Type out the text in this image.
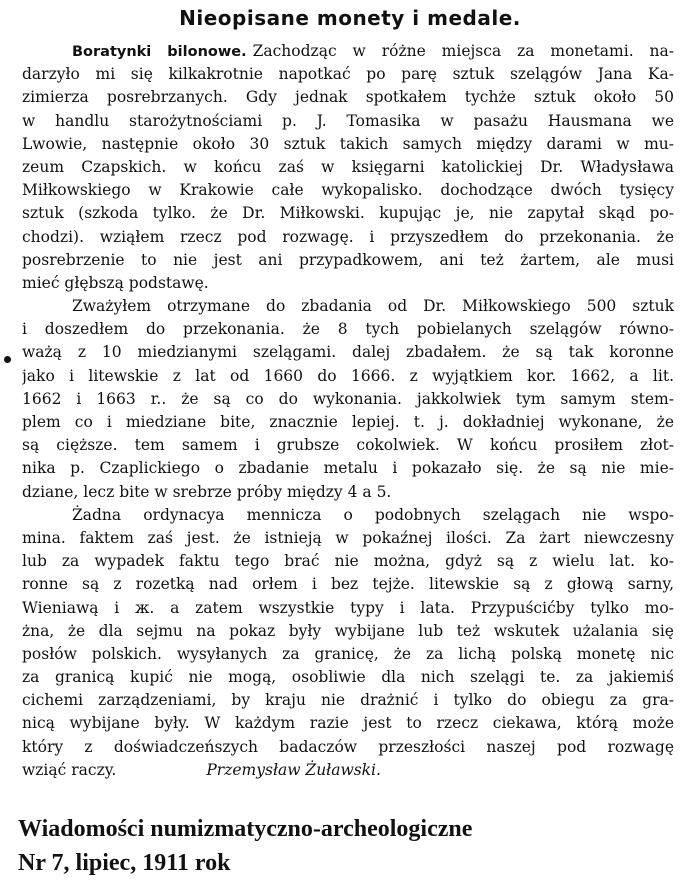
Nieopisane monety i medale.
Boratynki bilonowe. Zachodząc w różne miejsca za monetami. na-
darzyło mi się kilkakrotnie napotkać po parę sztuk szelągów Jana Ka-
zimierza posrebrzanych. Gdy jednak spotkałem tychże sztuk około 50
w handlu starożytnościami p. J. Tomasika w pasażu Hausmana we
Lwowie, następnie około 30 sztuk takich samych między darami w mu-
zeum Czapskich. w końcu zaś w księgarni katolickiej Dr. Władysława
Miłkowskiego w Krakowie całe wykopalisko. dochodzące dwóch tysięcy
sztuk (szkoda tylko. że Dr. Miłkowski. kupując je, nie zapytał skąd po-
chodzi). wziąłem rzecz pod rozwagę. i przyszedłem do przekonania. że
posrebrzenie to nie jest ani przypadkowem, ani też żartem, ale musi
mieć głębszą podstawę.
Zważyłem otrzymane do zbadania od Dr. Miłkowskiego 500 sztuk
i doszedłem do przekonania. że 8 tych pobielanych szelągów równo-
ważą z 10 miedzianymi szelągami. dalej zbadałem. że są tak koronne
jako i litewskie z lat od 1660 do 1666. z wyjątkiem kor. 1662, a lit.
1662 i 1663 r.. że są co do wykonania. jakkolwiek tym samym stem-
plem co i miedziane bite, znacznie lepiej. t. j. dokładniej wykonane, że
są cięższe. tem samem i grubsze cokolwiek. W końcu prosiłem złot-
nika p. Czaplickiego o zbadanie metalu i pokazało się. że są nie mie-
dziane, lecz bite w srebrze próby między 4 a 5.
Żadna ordynacya mennicza o podobnych szelągach nie wspo-
mina. faktem zaś jest. że istnieją w pokaźnej ilości. Za żart niewczesny
lub za wypadek faktu tego brać nie można, gdyż są z wielu lat. ko-
ronne są z rozetką nad orłem i bez tejże. litewskie są z głową sarny,
Wieniawą i ж. a zatem wszystkie typy i lata. Przypuścićby tylko mo-
żna, że dla sejmu na pokaz były wybijane lub też wskutek użalania się
posłów polskich. wysyłanych za granicę, że za lichą polską monetę nic
za granicą kupić nie mogą, osobliwie dla nich szelągi te. za jakiemiś
cichemi zarządzeniami, by kraju nie drażnić i tylko do obiegu za gra-
nicą wybijane były. W każdym razie jest to rzecz ciekawa, którą może
który z doświadczeńszych badaczów przeszłości naszej pod rozwagę
wziąć raczy.	Przemysław Żuławski.
Wiadomości numizmatyczno-archeologiczne
Nr 7, lipiec, 1911 rok
